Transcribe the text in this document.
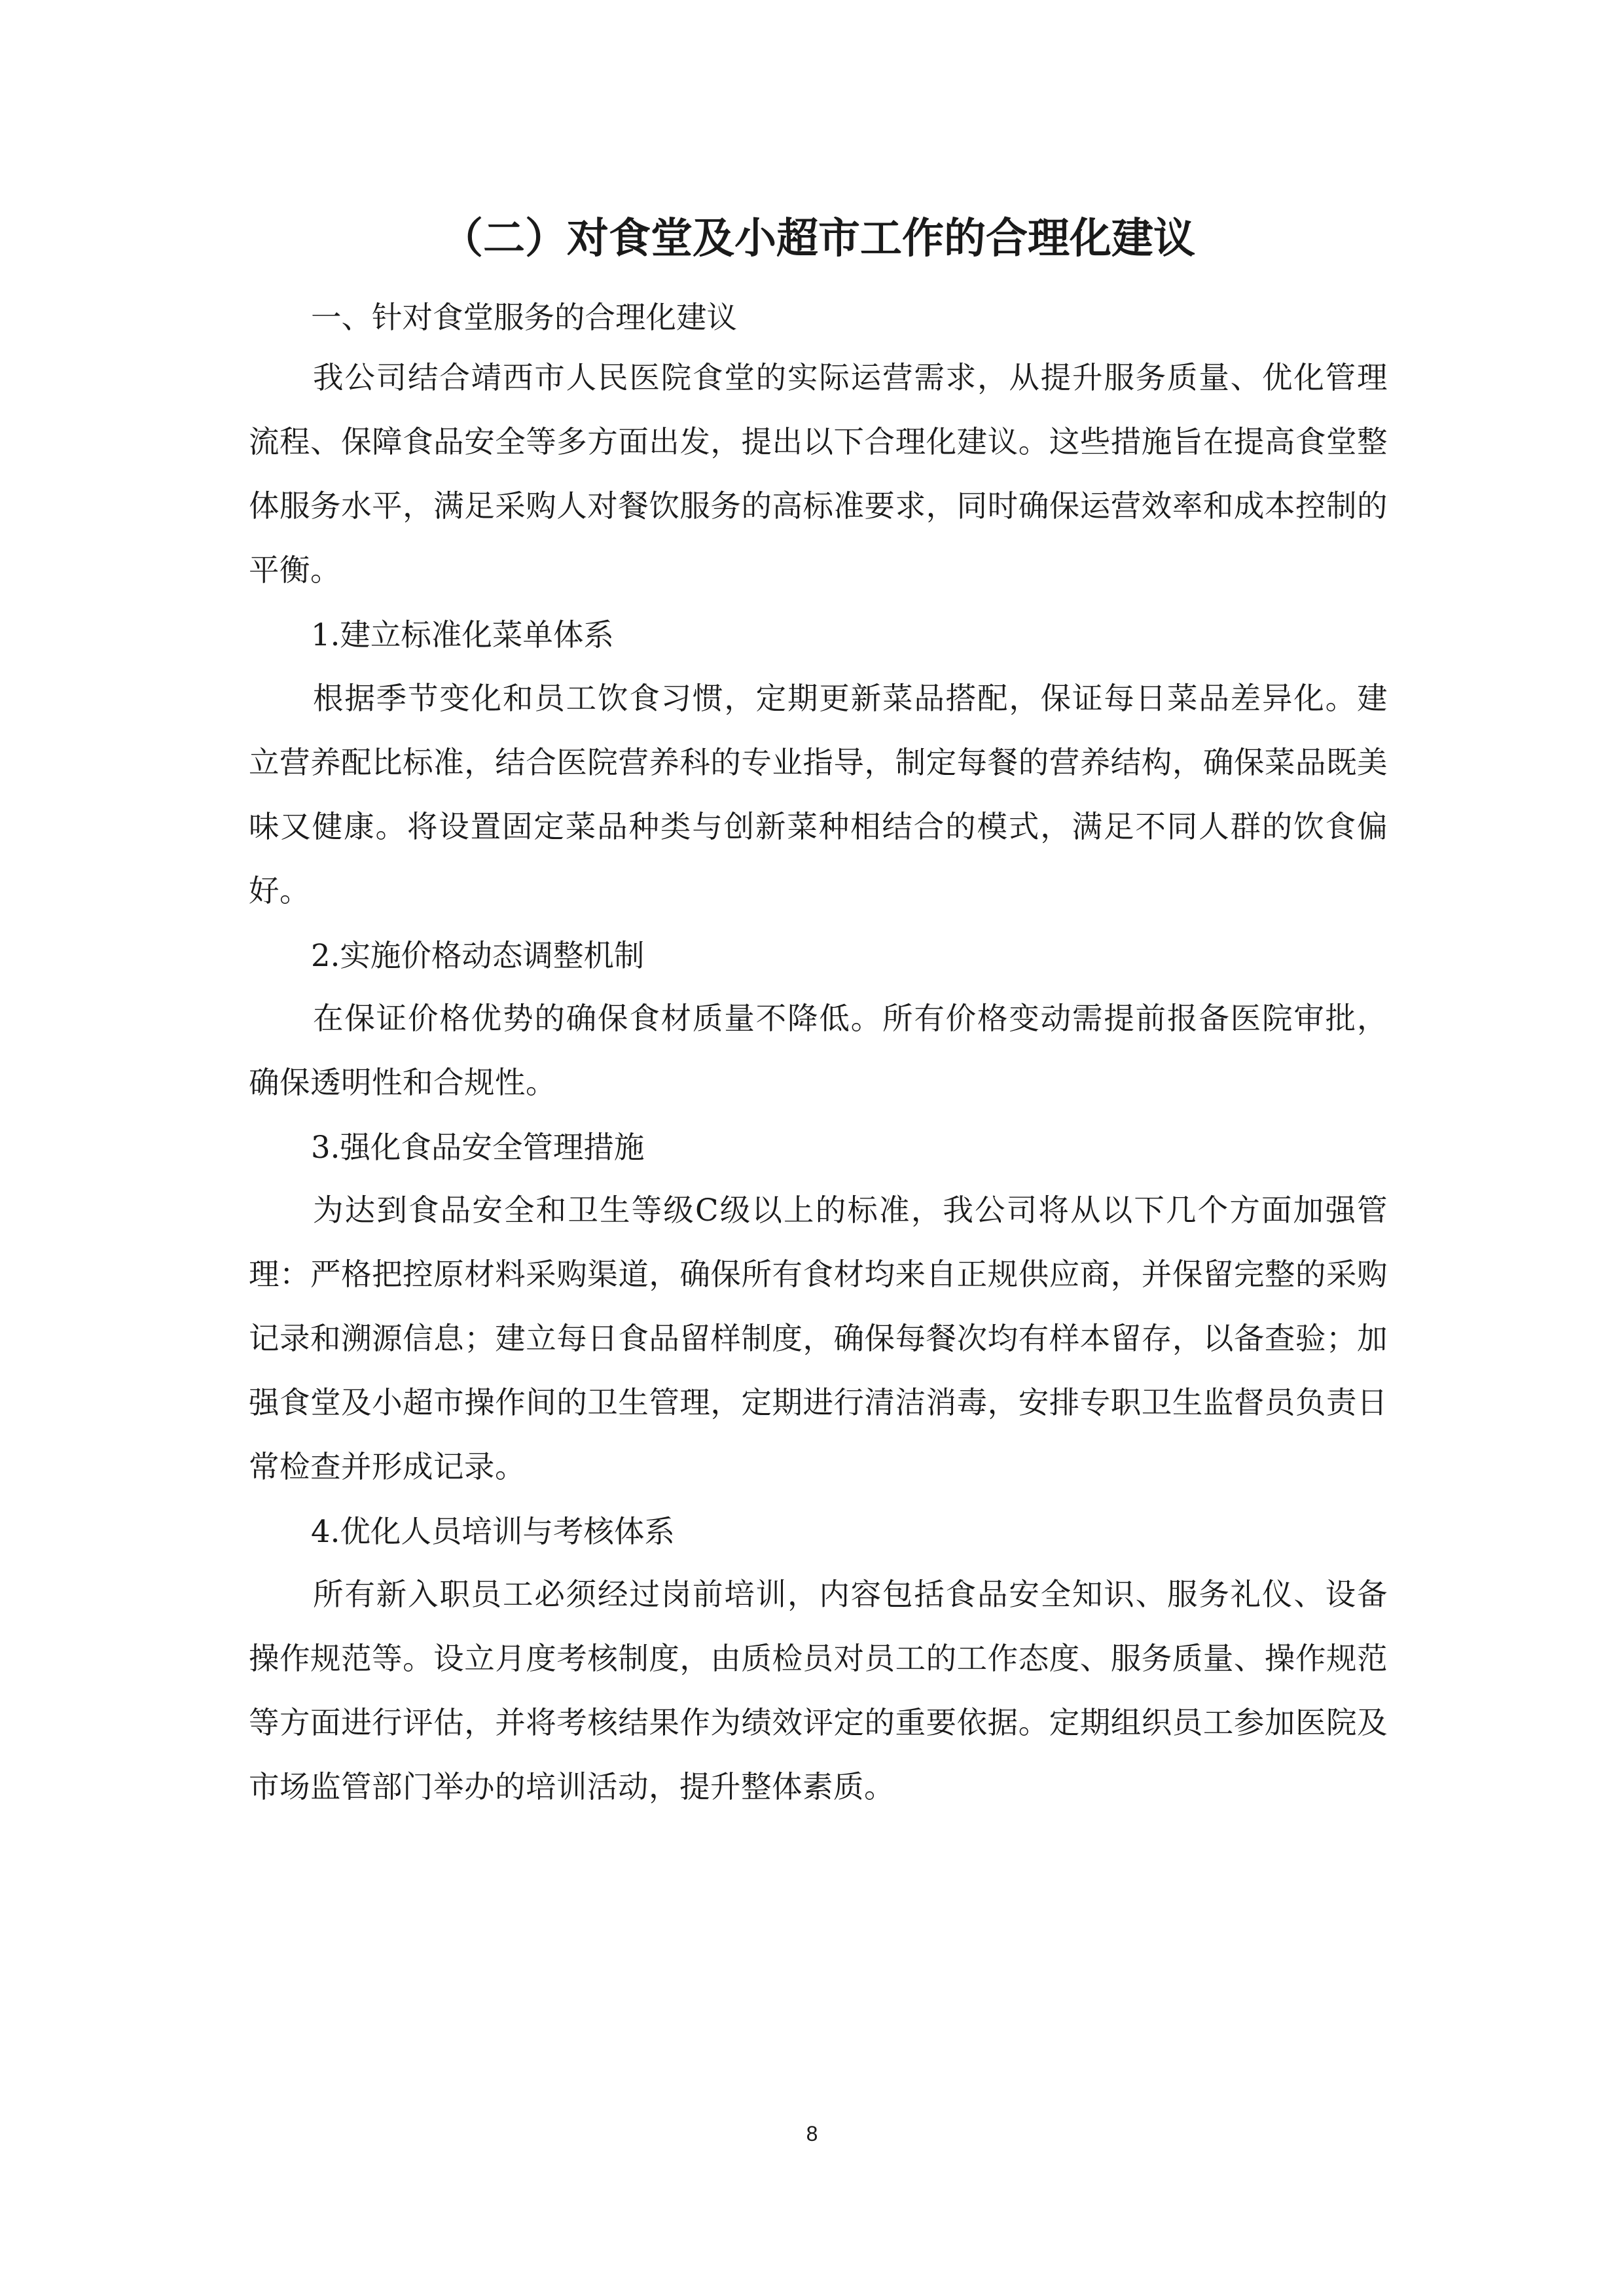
（二）对食堂及小超市工作的合理化建议

一、针对食堂服务的合理化建议

我公司结合靖西市人民医院食堂的实际运营需求，从提升服务质量、优化管理流程、保障食品安全等多方面出发，提出以下合理化建议。这些措施旨在提高食堂整体服务水平，满足采购人对餐饮服务的高标准要求，同时确保运营效率和成本控制的平衡。

1.建立标准化菜单体系

根据季节变化和员工饮食习惯，定期更新菜品搭配，保证每日菜品差异化。建立营养配比标准，结合医院营养科的专业指导，制定每餐的营养结构，确保菜品既美味又健康。将设置固定菜品种类与创新菜种相结合的模式，满足不同人群的饮食偏好。

2.实施价格动态调整机制

在保证价格优势的确保食材质量不降低。所有价格变动需提前报备医院审批，确保透明性和合规性。

3.强化食品安全管理措施

为达到食品安全和卫生等级C级以上的标准，我公司将从以下几个方面加强管理：严格把控原材料采购渠道，确保所有食材均来自正规供应商，并保留完整的采购记录和溯源信息；建立每日食品留样制度，确保每餐次均有样本留存，以备查验；加强食堂及小超市操作间的卫生管理，定期进行清洁消毒，安排专职卫生监督员负责日常检查并形成记录。

4.优化人员培训与考核体系

所有新入职员工必须经过岗前培训，内容包括食品安全知识、服务礼仪、设备操作规范等。设立月度考核制度，由质检员对员工的工作态度、服务质量、操作规范等方面进行评估，并将考核结果作为绩效评定的重要依据。定期组织员工参加医院及市场监管部门举办的培训活动，提升整体素质。

8
